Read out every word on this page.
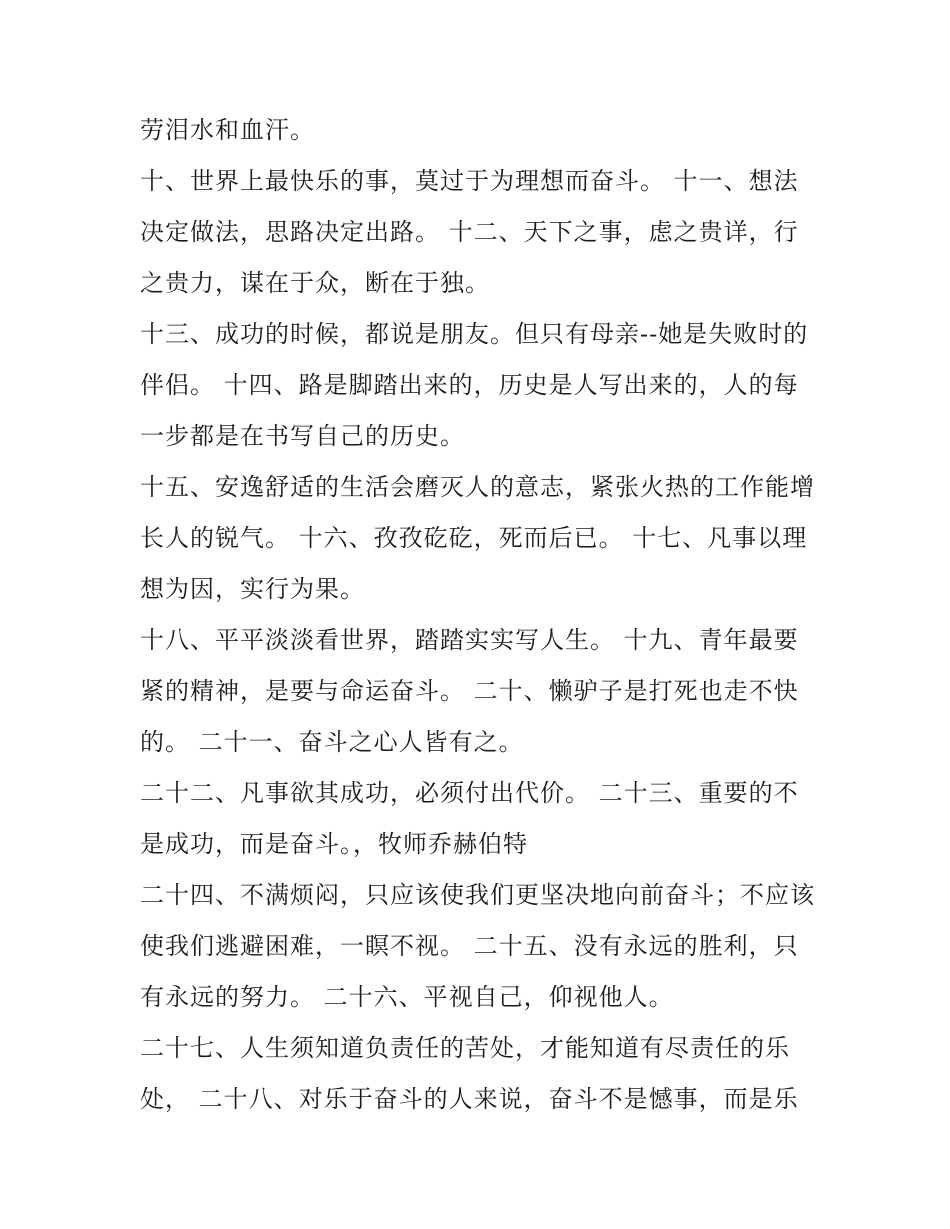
劳泪水和血汗。
十、世界上最快乐的事，莫过于为理想而奋斗。 十一、想法
决定做法，思路决定出路。 十二、天下之事，虑之贵详，行
之贵力，谋在于众，断在于独。
十三、成功的时候，都说是朋友。但只有母亲--她是失败时的
伴侣。 十四、路是脚踏出来的，历史是人写出来的，人的每
一步都是在书写自己的历史。
十五、安逸舒适的生活会磨灭人的意志，紧张火热的工作能增
长人的锐气。 十六、孜孜矻矻，死而后已。 十七、凡事以理
想为因，实行为果。
十八、平平淡淡看世界，踏踏实实写人生。 十九、青年最要
紧的精神，是要与命运奋斗。 二十、懒驴子是打死也走不快
的。 二十一、奋斗之心人皆有之。
二十二、凡事欲其成功，必须付出代价。 二十三、重要的不
是成功，而是奋斗。，牧师乔赫伯特
二十四、不满烦闷，只应该使我们更坚决地向前奋斗；不应该
使我们逃避困难，一瞑不视。 二十五、没有永远的胜利，只
有永远的努力。 二十六、平视自己，仰视他人。
二十七、人生须知道负责任的苦处，才能知道有尽责任的乐
处， 二十八、对乐于奋斗的人来说，奋斗不是憾事，而是乐
